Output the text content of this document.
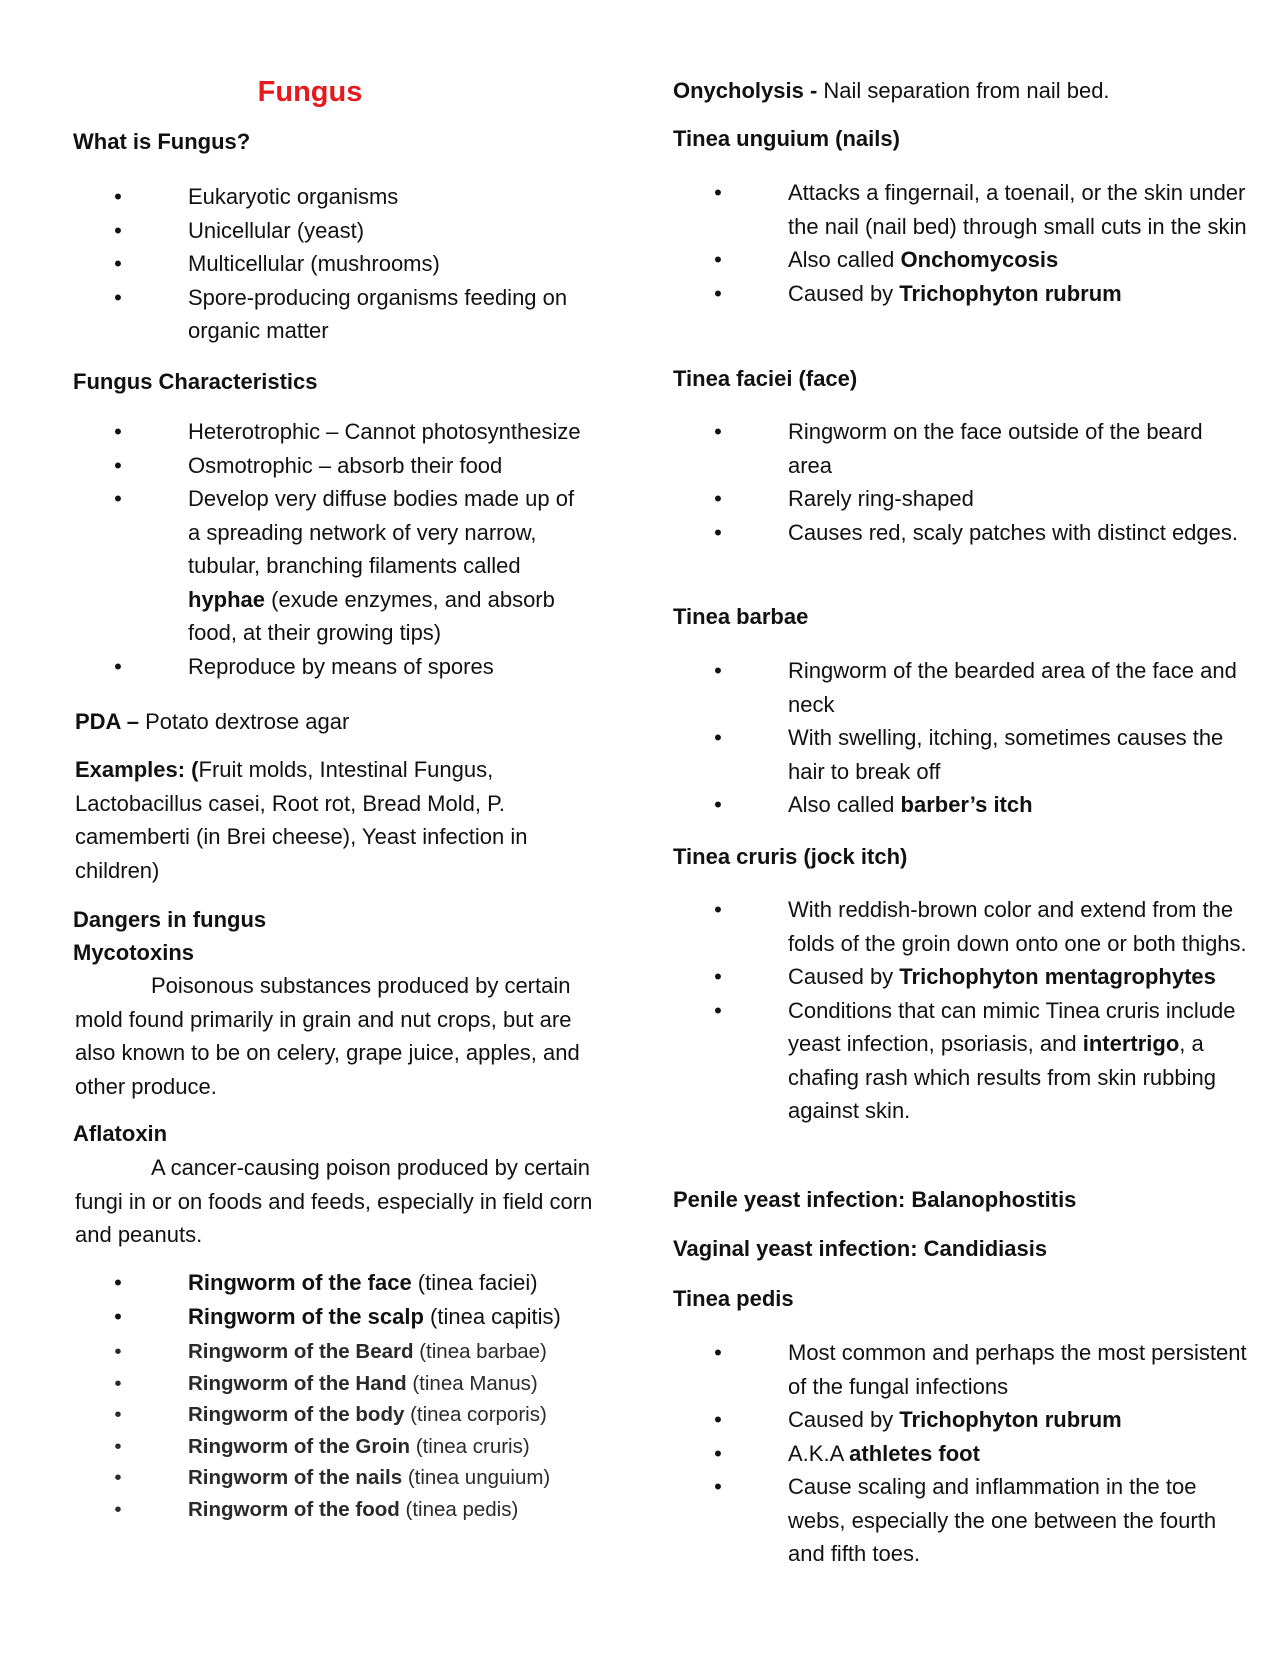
Fungus
What is Fungus?
• Eukaryotic organisms
• Unicellular (yeast)
• Multicellular (mushrooms)
• Spore-producing organisms feeding on organic matter
Fungus Characteristics
• Heterotrophic – Cannot photosynthesize
• Osmotrophic – absorb their food
• Develop very diffuse bodies made up of a spreading network of very narrow, tubular, branching filaments called hyphae (exude enzymes, and absorb food, at their growing tips)
• Reproduce by means of spores
PDA – Potato dextrose agar
Examples: (Fruit molds, Intestinal Fungus, Lactobacillus casei, Root rot, Bread Mold, P. camemberti (in Brei cheese), Yeast infection in children)
Dangers in fungus
Mycotoxins
Poisonous substances produced by certain mold found primarily in grain and nut crops, but are also known to be on celery, grape juice, apples, and other produce.
Aflatoxin
A cancer-causing poison produced by certain fungi in or on foods and feeds, especially in field corn and peanuts.
• Ringworm of the face (tinea faciei)
• Ringworm of the scalp (tinea capitis)
• Ringworm of the Beard (tinea barbae)
• Ringworm of the Hand (tinea Manus)
• Ringworm of the body (tinea corporis)
• Ringworm of the Groin (tinea cruris)
• Ringworm of the nails (tinea unguium)
• Ringworm of the food (tinea pedis)
Onycholysis - Nail separation from nail bed.
Tinea unguium (nails)
• Attacks a fingernail, a toenail, or the skin under the nail (nail bed) through small cuts in the skin
• Also called Onchomycosis
• Caused by Trichophyton rubrum
Tinea faciei (face)
• Ringworm on the face outside of the beard area
• Rarely ring-shaped
• Causes red, scaly patches with distinct edges.
Tinea barbae
• Ringworm of the bearded area of the face and neck
• With swelling, itching, sometimes causes the hair to break off
• Also called barber’s itch
Tinea cruris (jock itch)
• With reddish-brown color and extend from the folds of the groin down onto one or both thighs.
• Caused by Trichophyton mentagrophytes
• Conditions that can mimic Tinea cruris include yeast infection, psoriasis, and intertrigo, a chafing rash which results from skin rubbing against skin.
Penile yeast infection: Balanophostitis
Vaginal yeast infection: Candidiasis
Tinea pedis
• Most common and perhaps the most persistent of the fungal infections
• Caused by Trichophyton rubrum
• A.K.A athletes foot
• Cause scaling and inflammation in the toe webs, especially the one between the fourth and fifth toes.
